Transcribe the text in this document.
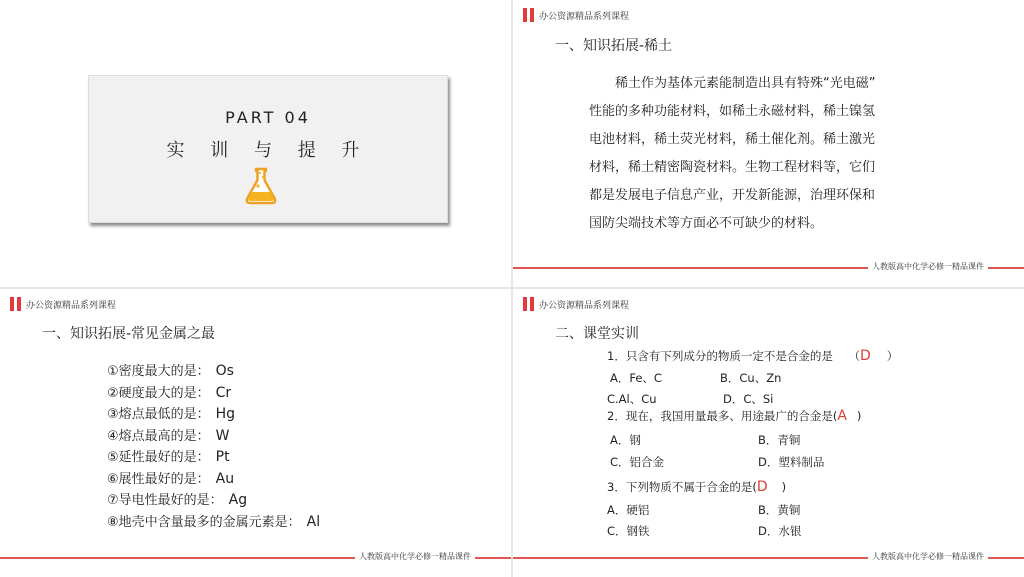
PART 04
实 训 与 提 升
办公资源精品系列课程
一、知识拓展-稀土
人教版高中化学必修一精品课件
　　稀土作为基体元素能制造出具有特殊“光电磁”
性能的多种功能材料，如稀土永磁材料，稀土镍氢
电池材料，稀土荧光材料，稀土催化剂。稀土激光
材料，稀土精密陶瓷材料。生物工程材料等，它们
都是发展电子信息产业，开发新能源，治理环保和
国防尖端技术等方面必不可缺少的材料。
办公资源精品系列课程
一、知识拓展-常见金属之最
①密度最大的是： Os
②硬度最大的是： Cr
③熔点最低的是： Hg
④熔点最高的是： W
⑤延性最好的是： Pt
⑥展性最好的是： Au
⑦导电性最好的是： Ag
⑧地壳中含量最多的金属元素是： Al
人教版高中化学必修一精品课件
办公资源精品系列课程
二、课堂实训
1．只含有下列成分的物质一定不是合金的是 （D ）
A．Fe、C	B．Cu、Zn
C.Al、Cu	D．C、Si
2．现在，我国用量最多、用途最广的合金是(A )
A．钢	B．青铜
C．铝合金	D．塑料制品
3．下列物质不属于合金的是(D )
A．硬铝	B．黄铜
C．钢铁	D．水银
人教版高中化学必修一精品课件
